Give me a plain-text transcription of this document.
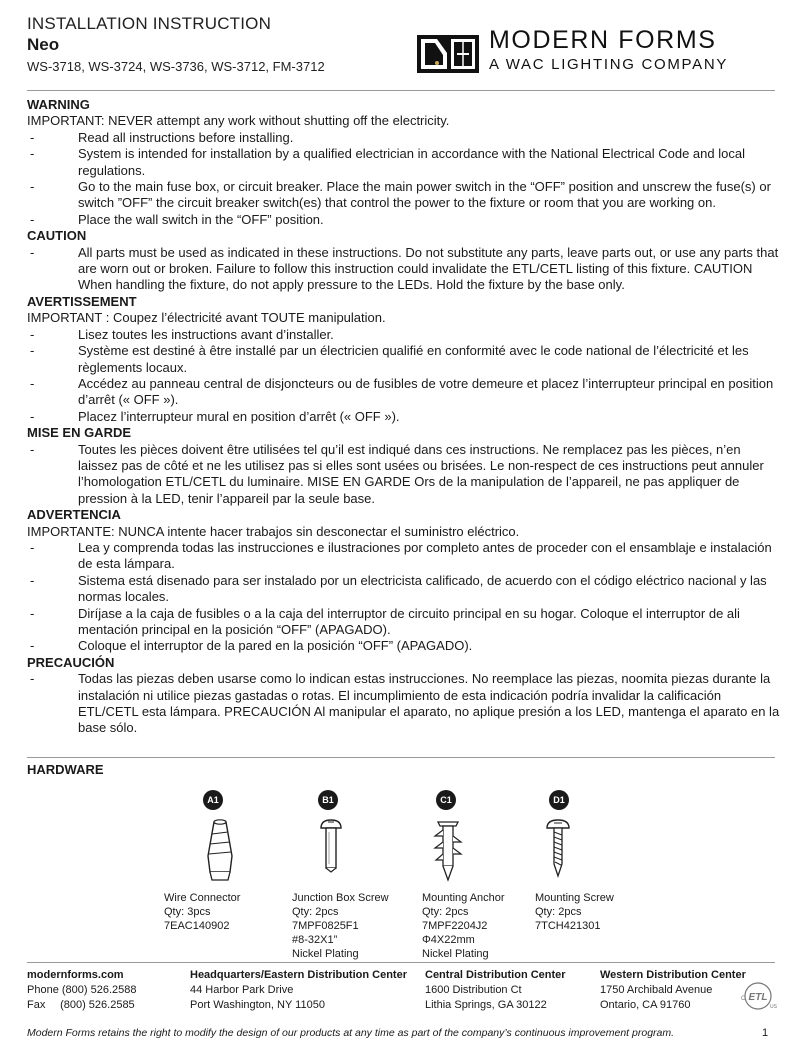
INSTALLATION INSTRUCTION
Neo
WS-3718, WS-3724, WS-3736, WS-3712, FM-3712
MODERN FORMS
A WAC LIGHTING COMPANY
WARNING
IMPORTANT: NEVER attempt any work without shutting off the electricity.
-	Read all instructions before installing.
-	System is intended for installation by a qualified electrician in accordance with the National Electrical Code and local regulations.
-	Go to the main fuse box, or circuit breaker. Place the main power switch in the “OFF” position and unscrew the fuse(s) or switch ”OFF” the circuit breaker switch(es) that control the power to the fixture or room that you are working on.
-	Place the wall switch in the “OFF” position.
CAUTION
-	All parts must be used as indicated in these instructions. Do not substitute any parts, leave parts out, or use any parts that are worn out or broken. Failure to follow this instruction could invalidate the ETL/CETL listing of this fixture. CAUTION When handling the fixture, do not apply pressure to the LEDs. Hold the fixture by the base only.
AVERTISSEMENT
IMPORTANT : Coupez l’électricité avant TOUTE manipulation.
-	Lisez toutes les instructions avant d’installer.
-	Système est destiné à être installé par un électricien qualifié en conformité avec le code national de l’électricité et les règlements locaux.
-	Accédez au panneau central de disjoncteurs ou de fusibles de votre demeure et placez l’interrupteur principal en position d’arrêt (« OFF »).
-	Placez l’interrupteur mural en position d’arrêt (« OFF »).
MISE EN GARDE
-	Toutes les pièces doivent être utilisées tel qu’il est indiqué dans ces instructions. Ne remplacez pas les pièces, n’en laissez pas de côté et ne les utilisez pas si elles sont usées ou brisées. Le non-respect de ces instructions peut annuler l’homologation ETL/CETL du luminaire. MISE EN GARDE Ors de la manipulation de l’appareil, ne pas appliquer de pression à la LED, tenir l’appareil par la seule base.
ADVERTENCIA
IMPORTANTE: NUNCA intente hacer trabajos sin desconectar el suministro eléctrico.
-	Lea y comprenda todas las instrucciones e ilustraciones por completo antes de proceder con el ensamblaje e instalación de esta lámpara.
-	Sistema está disenado para ser instalado por un electricista calificado, de acuerdo con el código eléctrico nacional y las normas locales.
-	Diríjase a la caja de fusibles o a la caja del interruptor de circuito principal en su hogar. Coloque el interruptor de ali mentación principal en la posición “OFF” (APAGADO).
-	Coloque el interruptor de la pared en la posición “OFF” (APAGADO).
PRECAUCIÓN
-	Todas las piezas deben usarse como lo indican estas instrucciones. No reemplace las piezas, noomita piezas durante la instalación ni utilice piezas gastadas o rotas. El incumplimiento de esta indicación podría invalidar la calificación ETL/CETL esta lámpara. PRECAUCIÓN Al manipular el aparato, no aplique presión a los LED, mantenga el aparato en la base sólo.
HARDWARE
A1
Wire Connector
Qty: 3pcs
7EAC140902
B1
Junction Box Screw
Qty: 2pcs
7MPF0825F1
#8-32X1”
Nickel Plating
C1
Mounting Anchor
Qty: 2pcs
7MPF2204J2
Φ4X22mm
Nickel Plating
D1
Mounting Screw
Qty: 2pcs
7TCH421301
modernforms.com
Phone (800) 526.2588
Fax (800) 526.2585
Headquarters/Eastern Distribution Center
44 Harbor Park Drive
Port Washington, NY 11050
Central Distribution Center
1600 Distribution Ct
Lithia Springs, GA 30122
Western Distribution Center
1750 Archibald Avenue
Ontario, CA 91760
ETL
C
US
Modern Forms retains the right to modify the design of our products at any time as part of the company’s continuous improvement program.	1
